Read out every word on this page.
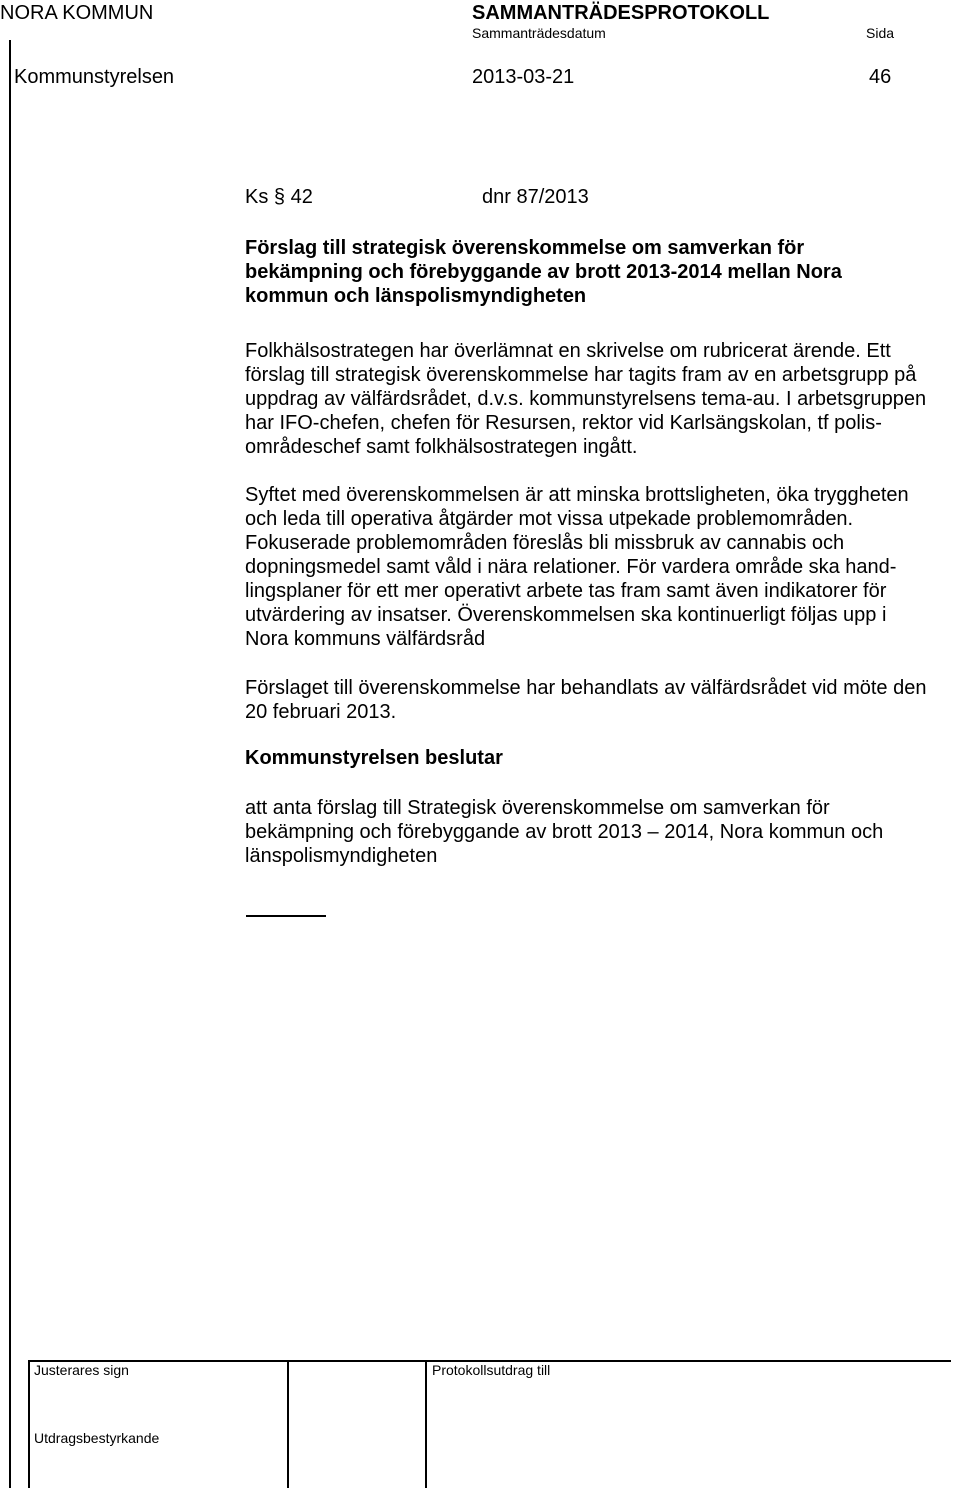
NORA KOMMUN	SAMMANTRÄDESPROTOKOLL
Sammanträdesdatum	Sida
Kommunstyrelsen	2013-03-21	46
Ks § 42	dnr 87/2013
Förslag till strategisk överenskommelse om samverkan för
bekämpning och förebyggande av brott 2013-2014 mellan Nora
kommun och länspolismyndigheten
Folkhälsostrategen har överlämnat en skrivelse om rubricerat ärende. Ett
förslag till strategisk överenskommelse har tagits fram av en arbetsgrupp på
uppdrag av välfärdsrådet, d.v.s. kommunstyrelsens tema-au. I arbetsgruppen
har IFO-chefen, chefen för Resursen, rektor vid Karlsängskolan, tf polis-
områdeschef samt folkhälsostrategen ingått.
Syftet med överenskommelsen är att minska brottsligheten, öka tryggheten
och leda till operativa åtgärder mot vissa utpekade problemområden.
Fokuserade problemområden föreslås bli missbruk av cannabis och
dopningsmedel samt våld i nära relationer. För vardera område ska hand-
lingsplaner för ett mer operativt arbete tas fram samt även indikatorer för
utvärdering av insatser. Överenskommelsen ska kontinuerligt följas upp i
Nora kommuns välfärdsråd
Förslaget till överenskommelse har behandlats av välfärdsrådet vid möte den
20 februari 2013.
Kommunstyrelsen beslutar
att anta förslag till Strategisk överenskommelse om samverkan för
bekämpning och förebyggande av brott 2013 – 2014, Nora kommun och
länspolismyndigheten
Justerares sign	Protokollsutdrag till
Utdragsbestyrkande
